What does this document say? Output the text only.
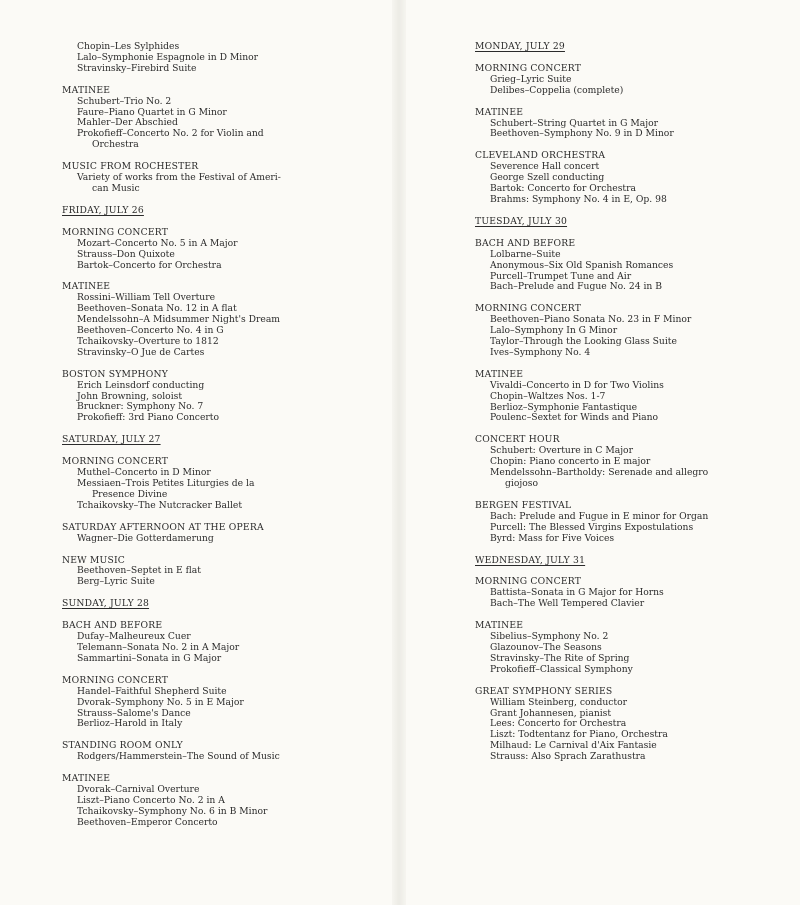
Chopin–Les Sylphides
Lalo–Symphonie Espagnole in D Minor
Stravinsky–Firebird Suite
MATINEE
Schubert–Trio No. 2
Faure–Piano Quartet in G Minor
Mahler–Der Abschied
Prokofieff–Concerto No. 2 for Violin and
Orchestra
MUSIC FROM ROCHESTER
Variety of works from the Festival of Ameri-
can Music
FRIDAY, JULY 26
MORNING CONCERT
Mozart–Concerto No. 5 in A Major
Strauss–Don Quixote
Bartok–Concerto for Orchestra
MATINEE
Rossini–William Tell Overture
Beethoven–Sonata No. 12 in A flat
Mendelssohn–A Midsummer Night's Dream
Beethoven–Concerto No. 4 in G
Tchaikovsky–Overture to 1812
Stravinsky–O Jue de Cartes
BOSTON SYMPHONY
Erich Leinsdorf conducting
John Browning, soloist
Bruckner: Symphony No. 7
Prokofieff: 3rd Piano Concerto
SATURDAY, JULY 27
MORNING CONCERT
Muthel–Concerto in D Minor
Messiaen–Trois Petites Liturgies de la
Presence Divine
Tchaikovsky–The Nutcracker Ballet
SATURDAY AFTERNOON AT THE OPERA
Wagner–Die Gotterdamerung
NEW MUSIC
Beethoven–Septet in E flat
Berg–Lyric Suite
SUNDAY, JULY 28
BACH AND BEFORE
Dufay–Malheureux Cuer
Telemann–Sonata No. 2 in A Major
Sammartini–Sonata in G Major
MORNING CONCERT
Handel–Faithful Shepherd Suite
Dvorak–Symphony No. 5 in E Major
Strauss–Salome's Dance
Berlioz–Harold in Italy
STANDING ROOM ONLY
Rodgers/Hammerstein–The Sound of Music
MATINEE
Dvorak–Carnival Overture
Liszt–Piano Concerto No. 2 in A
Tchaikovsky–Symphony No. 6 in B Minor
Beethoven–Emperor Concerto
MONDAY, JULY 29
MORNING CONCERT
Grieg–Lyric Suite
Delibes–Coppelia (complete)
MATINEE
Schubert–String Quartet in G Major
Beethoven–Symphony No. 9 in D Minor
CLEVELAND ORCHESTRA
Severence Hall concert
George Szell conducting
Bartok: Concerto for Orchestra
Brahms: Symphony No. 4 in E, Op. 98
TUESDAY, JULY 30
BACH AND BEFORE
Lolbarne–Suite
Anonymous–Six Old Spanish Romances
Purcell–Trumpet Tune and Air
Bach–Prelude and Fugue No. 24 in B
MORNING CONCERT
Beethoven–Piano Sonata No. 23 in F Minor
Lalo–Symphony In G Minor
Taylor–Through the Looking Glass Suite
Ives–Symphony No. 4
MATINEE
Vivaldi–Concerto in D for Two Violins
Chopin–Waltzes Nos. 1-7
Berlioz–Symphonie Fantastique
Poulenc–Sextet for Winds and Piano
CONCERT HOUR
Schubert: Overture in C Major
Chopin: Piano concerto in E major
Mendelssohn–Bartholdy: Serenade and allegro
giojoso
BERGEN FESTIVAL
Bach: Prelude and Fugue in E minor for Organ
Purcell: The Blessed Virgins Expostulations
Byrd: Mass for Five Voices
WEDNESDAY, JULY 31
MORNING CONCERT
Battista–Sonata in G Major for Horns
Bach–The Well Tempered Clavier
MATINEE
Sibelius–Symphony No. 2
Glazounov–The Seasons
Stravinsky–The Rite of Spring
Prokofieff–Classical Symphony
GREAT SYMPHONY SERIES
William Steinberg, conductor
Grant Johannesen, pianist
Lees: Concerto for Orchestra
Liszt: Todtentanz for Piano, Orchestra
Milhaud: Le Carnival d'Aix Fantasie
Strauss: Also Sprach Zarathustra
